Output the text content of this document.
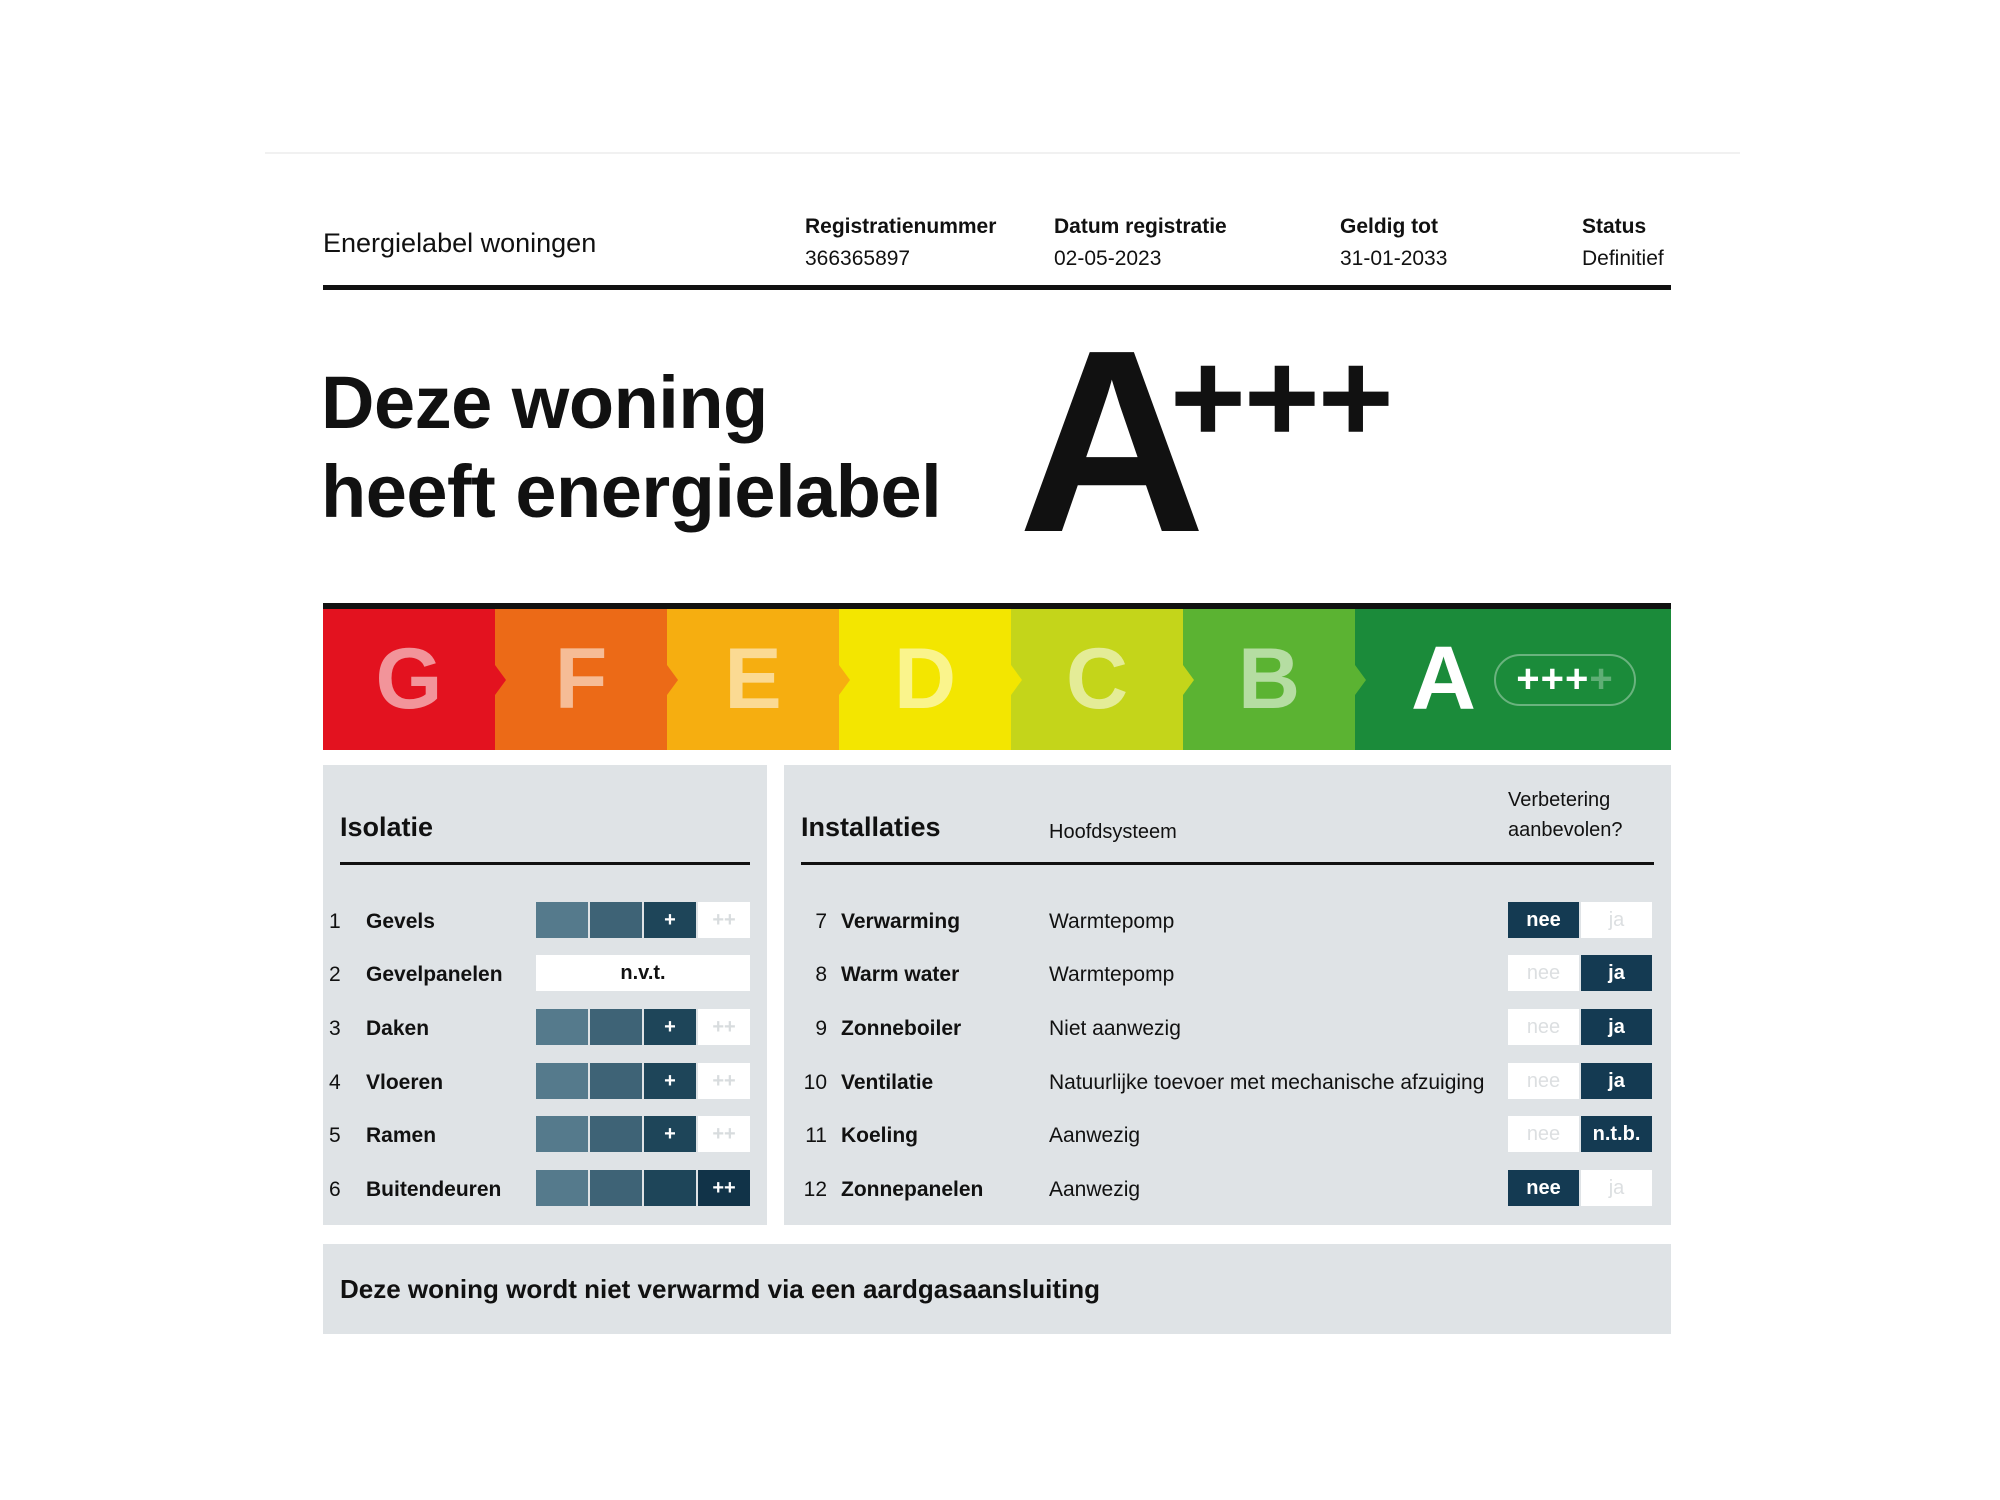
Energielabel woningen
Registratienummer
366365897
Datum registratie
02-05-2023
Geldig tot
31-01-2033
Status
Definitief
Deze woning
heeft energielabel A
+++
G F E D C B A +++ +
Isolatie
1	Gevels	+	++
2	Gevelpanelen	n.v.t.
3	Daken	+	++
4	Vloeren	+	++
5	Ramen	+	++
6	Buitendeuren	++
Installaties	Hoofdsysteem
Verbetering
aanbevolen?
7 Verwarming	Warmtepomp	nee	ja
8 Warm water	Warmtepomp	nee	ja
9 Zonneboiler	Niet aanwezig	nee	ja
10 Ventilatie	Natuurlijke toevoer met mechanische afzuiging	nee	ja
11 Koeling	Aanwezig	nee	n.t.b.
12 Zonnepanelen	Aanwezig	nee	ja
Deze woning wordt niet verwarmd via een aardgasaansluiting
